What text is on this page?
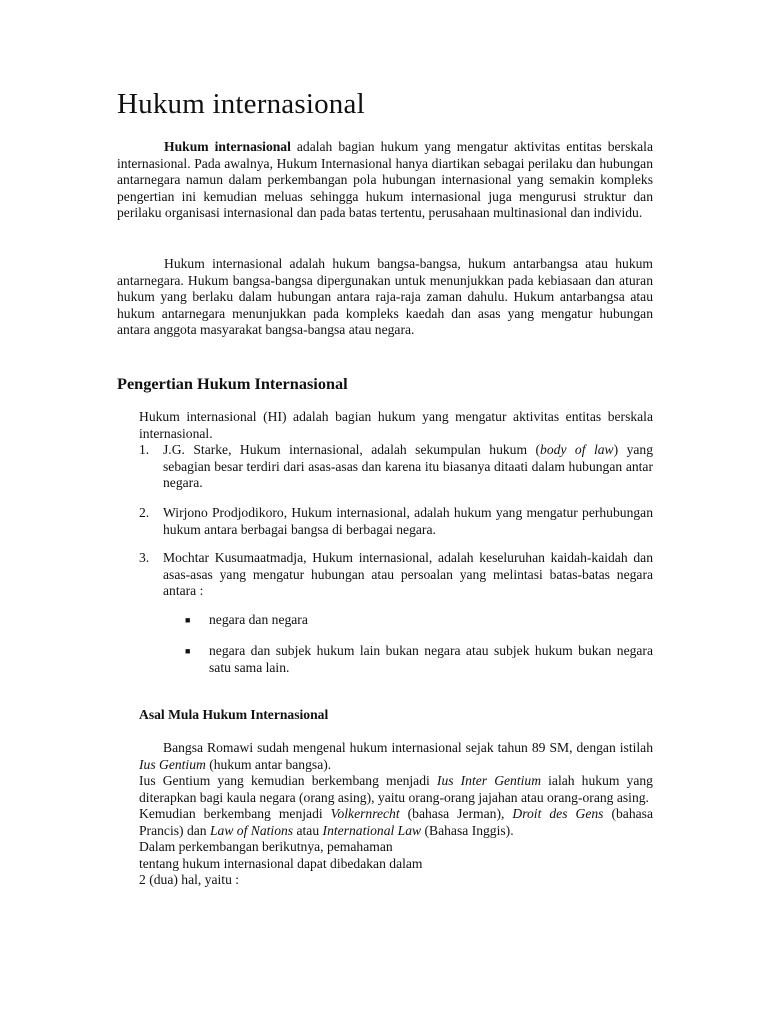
Hukum internasional

Hukum internasional adalah bagian hukum yang mengatur aktivitas entitas berskala internasional. Pada awalnya, Hukum Internasional hanya diartikan sebagai perilaku dan hubungan antarnegara namun dalam perkembangan pola hubungan internasional yang semakin kompleks pengertian ini kemudian meluas sehingga hukum internasional juga mengurusi struktur dan perilaku organisasi internasional dan pada batas tertentu, perusahaan multinasional dan individu.

Hukum internasional adalah hukum bangsa-bangsa, hukum antarbangsa atau hukum antarnegara. Hukum bangsa-bangsa dipergunakan untuk menunjukkan pada kebiasaan dan aturan hukum yang berlaku dalam hubungan antara raja-raja zaman dahulu. Hukum antarbangsa atau hukum antarnegara menunjukkan pada kompleks kaedah dan asas yang mengatur hubungan antara anggota masyarakat bangsa-bangsa atau negara.

Pengertian Hukum Internasional

Hukum internasional (HI) adalah bagian hukum yang mengatur aktivitas entitas berskala internasional.

1. J.G. Starke, Hukum internasional, adalah sekumpulan hukum (body of law) yang sebagian besar terdiri dari asas-asas dan karena itu biasanya ditaati dalam hubungan antar negara.

2. Wirjono Prodjodikoro, Hukum internasional, adalah hukum yang mengatur perhubungan hukum antara berbagai bangsa di berbagai negara.

3. Mochtar Kusumaatmadja, Hukum internasional, adalah keseluruhan kaidah-kaidah dan asas-asas yang mengatur hubungan atau persoalan yang melintasi batas-batas negara antara :

■ negara dan negara

■ negara dan subjek hukum lain bukan negara atau subjek hukum bukan negara satu sama lain.

Asal Mula Hukum Internasional

Bangsa Romawi sudah mengenal hukum internasional sejak tahun 89 SM, dengan istilah Ius Gentium (hukum antar bangsa).

Ius Gentium yang kemudian berkembang menjadi Ius Inter Gentium ialah hukum yang diterapkan bagi kaula negara (orang asing), yaitu orang-orang jajahan atau orang-orang asing.

Kemudian berkembang menjadi Volkernrecht (bahasa Jerman), Droit des Gens (bahasa Prancis) dan Law of Nations atau International Law (Bahasa Inggis).

Dalam perkembangan berikutnya, pemahaman

tentang hukum internasional dapat dibedakan dalam

2 (dua) hal, yaitu :
